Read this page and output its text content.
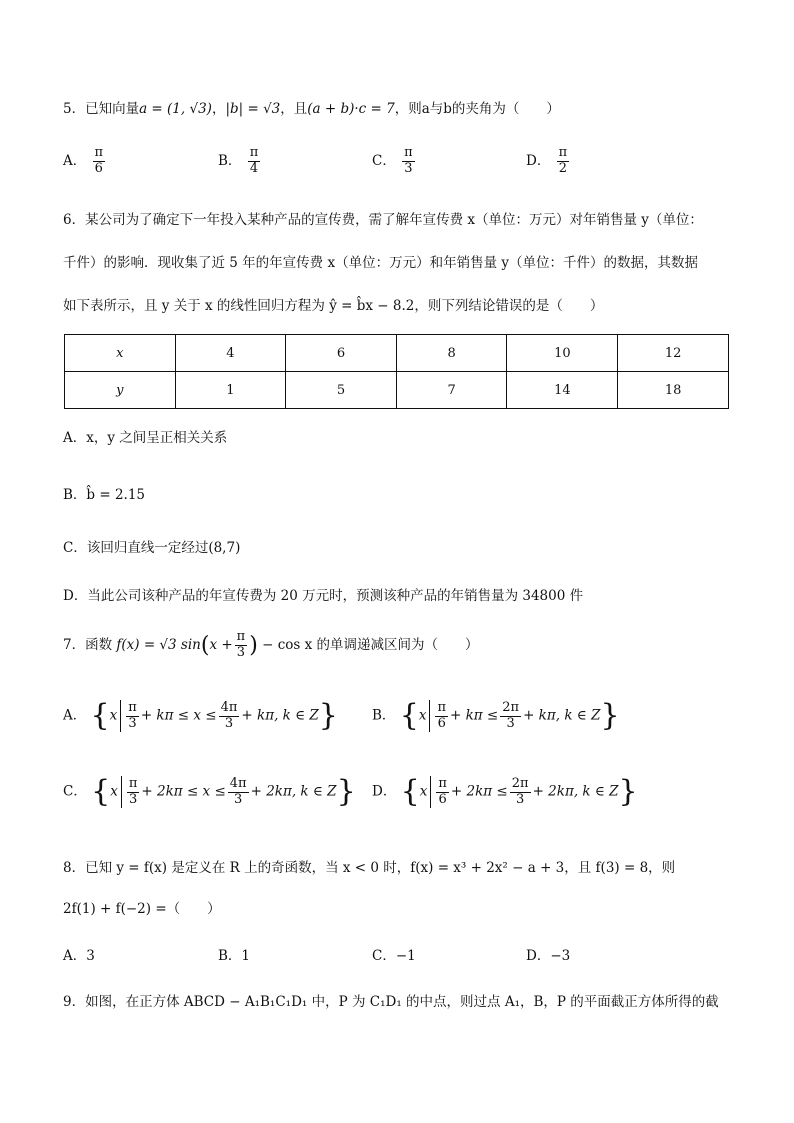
5．已知向量a = (1, √3)，|b| = √3，且(a + b)·c = 7，则a与b的夹角为（　　）
A． $\frac{\pi}{6}$	B． $\frac{\pi}{4}$	C． $\frac{\pi}{3}$	D． $\frac{\pi}{2}$
6．某公司为了确定下一年投入某种产品的宣传费，需了解年宣传费 x（单位：万元）对年销售量 y（单位：
千件）的影响．现收集了近 5 年的年宣传费 x（单位：万元）和年销售量 y（单位：千件）的数据，其数据
如下表所示，且 y 关于 x 的线性回归方程为 ŷ = b̂x − 8.2，则下列结论错误的是（　　）
x	4	6	8	10	12
y	1	5	7	14	18
A．x，y 之间呈正相关关系
B．b̂ = 2.15
C．该回归直线一定经过(8,7)
D．当此公司该种产品的年宣传费为 20 万元时，预测该种产品的年销售量为 34800 件
7．函数 f(x) = √3 $\sin(x + \frac{\pi}{3}$ ) − cos x 的单调递减区间为（　　）
A． {$x \frac{\pi}{3} + k\pi \le x \le \frac{4\pi}{3} + k\pi$, k ∈ Z}	B． {$x \frac{\pi}{6} + k\pi \le \frac{2\pi}{3} + k\pi$, k ∈ Z}
C． {$x \frac{\pi}{3} + 2k\pi \le x \le \frac{4\pi}{3} + 2k\pi$, k ∈ Z} D． {$x \frac{\pi}{6} + 2k\pi \le \frac{2\pi}{3} + 2k\pi$, k ∈ Z}
8．已知 y = f(x) 是定义在 R 上的奇函数，当 x < 0 时，f(x) = x³ + 2x² − a + 3，且 f(3) = 8，则
2f(1) + f(−2) =（　　）
A．3	B．1	C．−1	D．−3
9．如图，在正方体 ABCD − A₁B₁C₁D₁ 中，P 为 C₁D₁ 的中点，则过点 A₁，B，P 的平面截正方体所得的截
